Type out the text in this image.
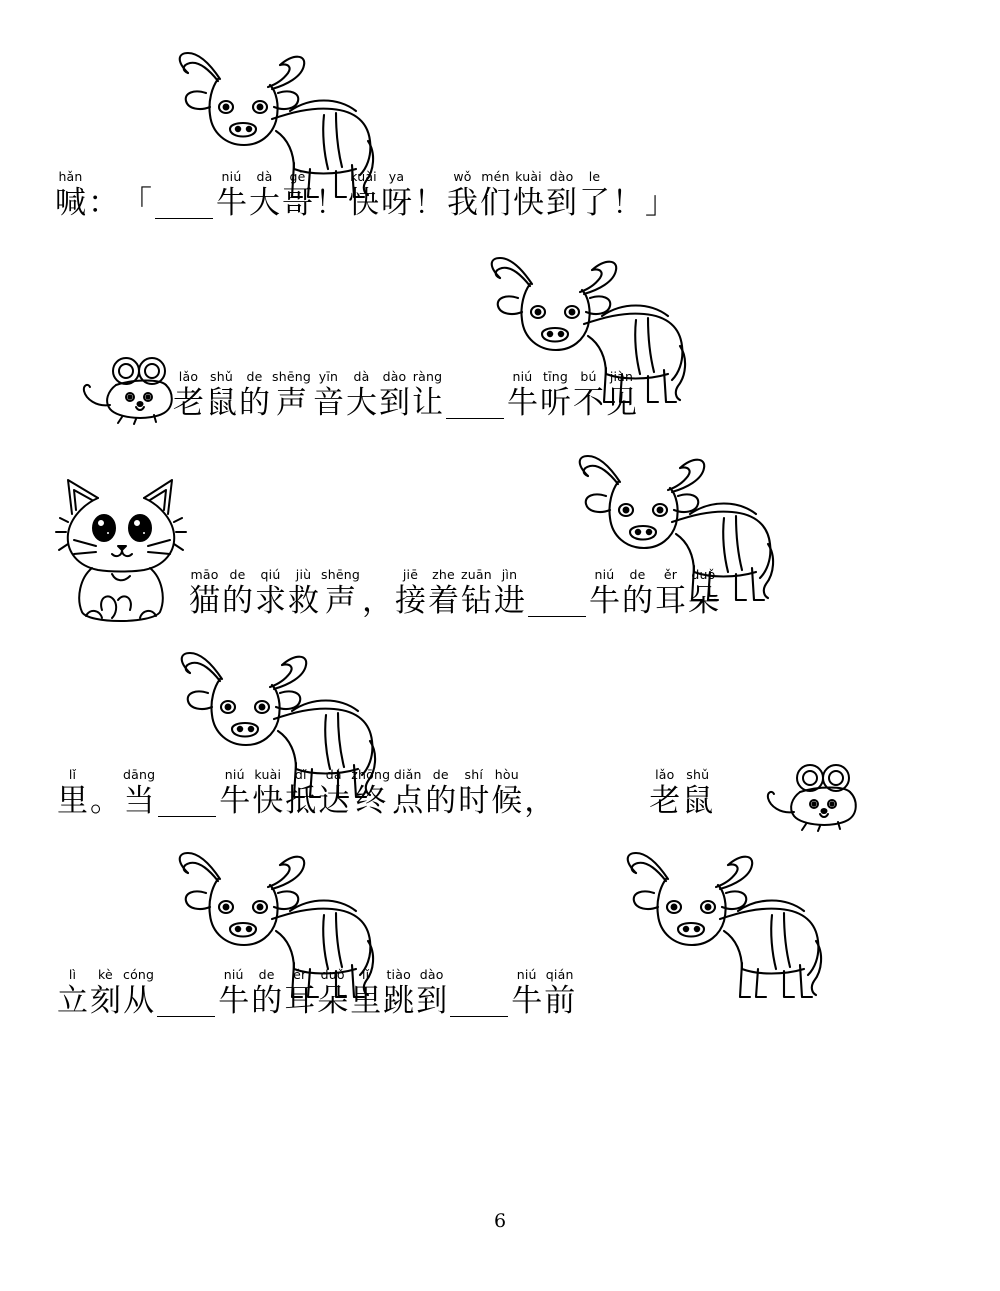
hǎn
喊 ： 「
niú
牛
dà
大
gē
哥 ！
kuài
快
ya
呀 ！
wǒ
我
mén
们
kuài
快
dào
到
le
了 ！ 」
lǎo
老
shǔ
鼠
de
的
shēng
声
yīn
音
dà
大
dào
到
ràng
让
niú
牛
tīng
听
bú
不
jiàn
见
māo
猫
de
的
qiú
求
jiù
救
shēng
声 ，
jiē
接
zhe
着
zuān
钻
jìn
进
niú
牛
de
的
ěr
耳
duǒ
朵
lǐ
里 。
dāng
当
niú
牛
kuài
快
dǐ
抵
dá
达
zhōng
终
diǎn
点
de
的
shí
时
hòu
候 ，
lǎo
老
shǔ
鼠
lì
立
kè
刻
cóng
从
niú
牛
de
的
ěr
耳
duǒ
朵
lǐ
里
tiào
跳
dào
到
niú
牛
qián
前
6
